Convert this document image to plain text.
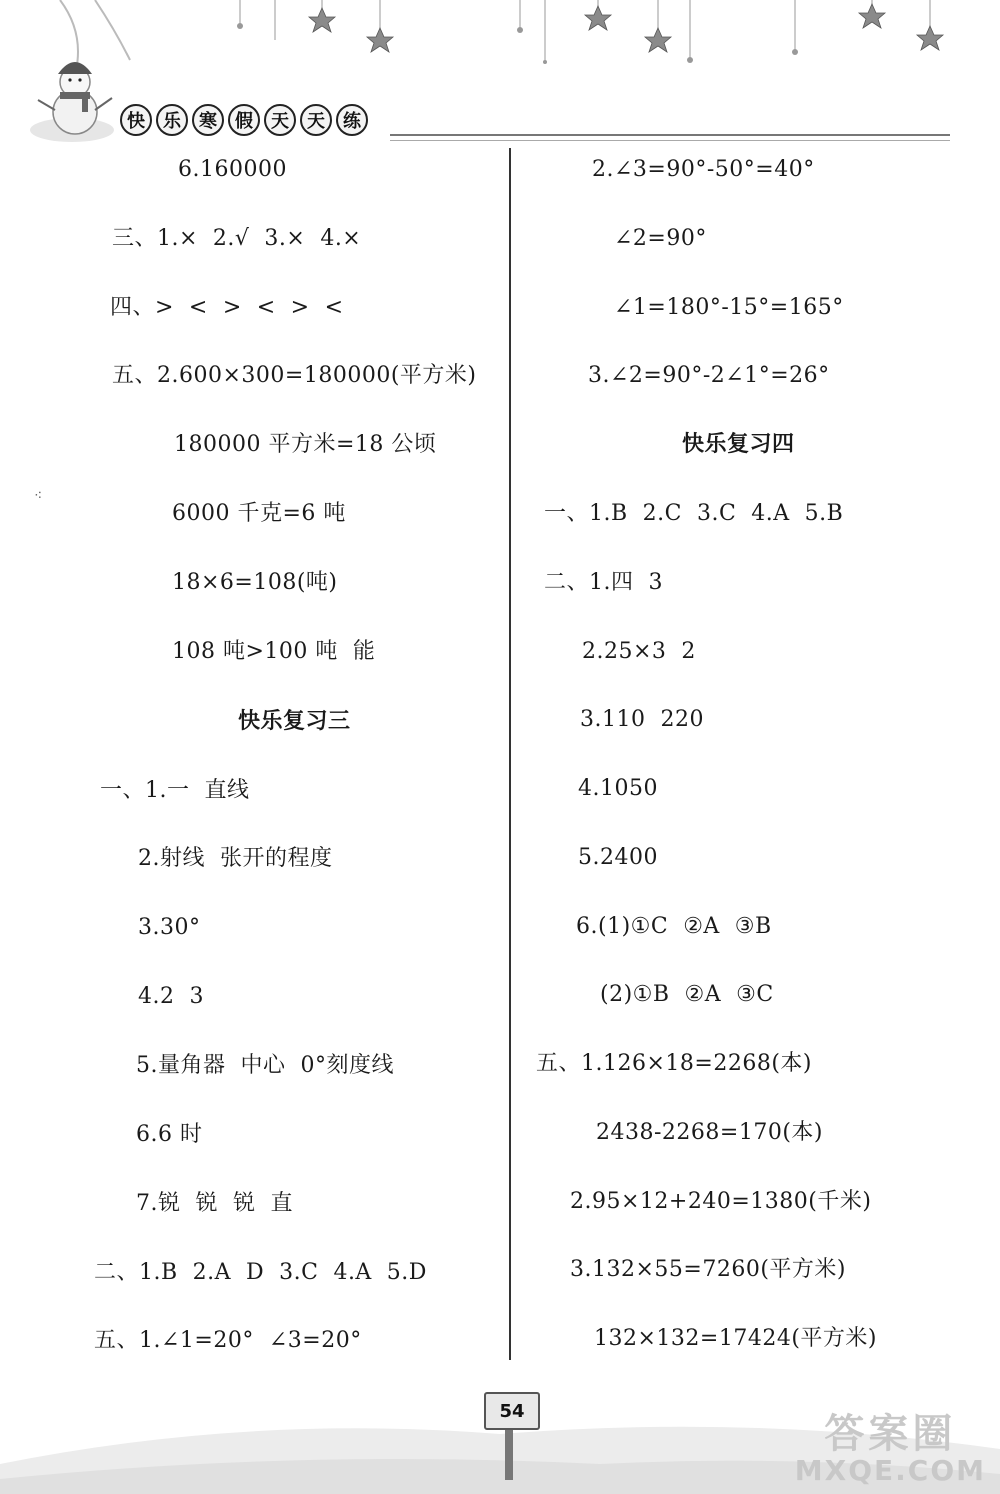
快	乐	寒	假	天	天	练
6.160000
三、1.×  2.√  3.×  4.×
四、>  <  >  <  >  <
五、2.600×300=180000(平方米)
180000 平方米=18 公顷
6000 千克=6 吨
18×6=108(吨)
108 吨>100 吨  能
快乐复习三
一、1.一  直线
2.射线  张开的程度
3.30°
4.2  3
5.量角器  中心  0°刻度线
6.6 时
7.锐  锐  锐  直
二、1.B  2.A  D  3.C  4.A  5.D
五、1.∠1=20°  ∠3=20°
2.∠3=90°-50°=40°
∠2=90°
∠1=180°-15°=165°
3.∠2=90°-2∠1°=26°
快乐复习四
一、1.B  2.C  3.C  4.A  5.B
二、1.四  3
2.25×3  2
3.110  220
4.1050
5.2400
6.(1)①C  ②A  ③B
(2)①B  ②A  ③C
五、1.126×18=2268(本)
2438-2268=170(本)
2.95×12+240=1380(千米)
3.132×55=7260(平方米)
132×132=17424(平方米)
⁖
54	答案圈
MXQE.COM
